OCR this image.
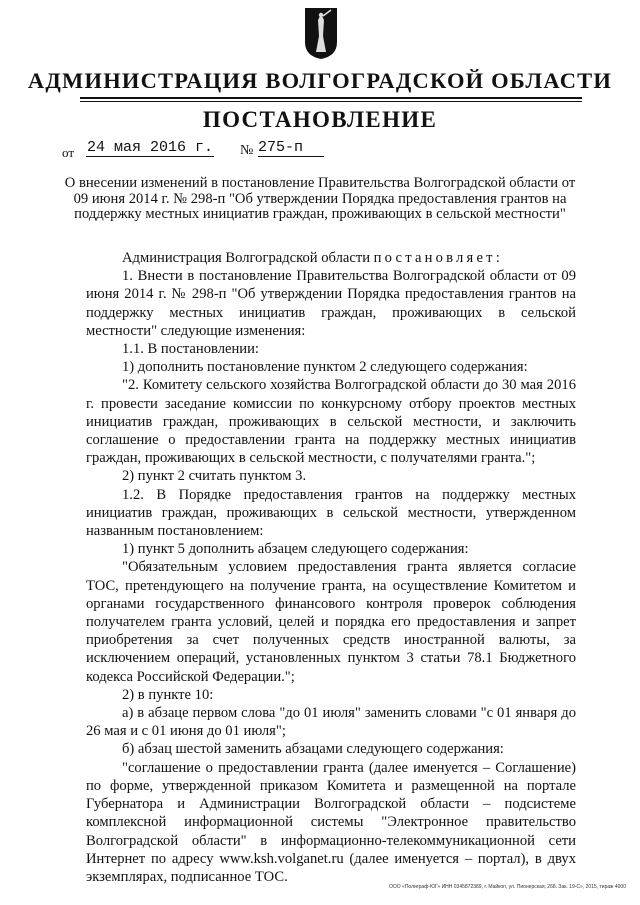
АДМИНИСТРАЦИЯ ВОЛГОГРАДСКОЙ ОБЛАСТИ
ПОСТАНОВЛЕНИЕ
от 24 мая 2016 г. № 275-п

О внесении изменений в постановление Правительства Волгоградской области от 09 июня 2014 г. № 298-п "Об утверждении Порядка предоставления грантов на поддержку местных инициатив граждан, проживающих в сельской местности"

Администрация Волгоградской области постановляет:

1. Внести в постановление Правительства Волгоградской области от 09 июня 2014 г. № 298-п "Об утверждении Порядка предоставления грантов на поддержку местных инициатив граждан, проживающих в сельской местности" следующие изменения:

1.1. В постановлении:

1) дополнить постановление пунктом 2 следующего содержания:

"2. Комитету сельского хозяйства Волгоградской области до 30 мая 2016 г. провести заседание комиссии по конкурсному отбору проектов местных инициатив граждан, проживающих в сельской местности, и заключить соглашение о предоставлении гранта на поддержку местных инициатив граждан, проживающих в сельской местности, с получателями гранта.";

2) пункт 2 считать пунктом 3.

1.2. В Порядке предоставления грантов на поддержку местных инициатив граждан, проживающих в сельской местности, утвержденном названным постановлением:

1) пункт 5 дополнить абзацем следующего содержания:

"Обязательным условием предоставления гранта является согласие ТОС, претендующего на получение гранта, на осуществление Комитетом и органами государственного финансового контроля проверок соблюдения получателем гранта условий, целей и порядка его предоставления и запрет приобретения за счет полученных средств иностранной валюты, за исключением операций, установленных пунктом 3 статьи 78.1 Бюджетного кодекса Российской Федерации.";

2) в пункте 10:

а) в абзаце первом слова "до 01 июля" заменить словами "с 01 января до 26 мая и с 01 июня до 01 июля";

б) абзац шестой заменить абзацами следующего содержания:

"соглашение о предоставлении гранта (далее именуется – Соглашение) по форме, утвержденной приказом Комитета и размещенной на портале Губернатора и Администрации Волгоградской области – подсистеме комплексной информационной системы "Электронное правительство Волгоградской области" в информационно-телекоммуникационной сети Интернет по адресу www.ksh.volganet.ru (далее именуется – портал), в двух экземплярах, подписанное ТОС.

ООО «Полиграф-ЮГ» ИНН 0345872389, г. Майкоп, ул. Пионерская, 268. Зак. 19-С», 2015, тираж 4000
